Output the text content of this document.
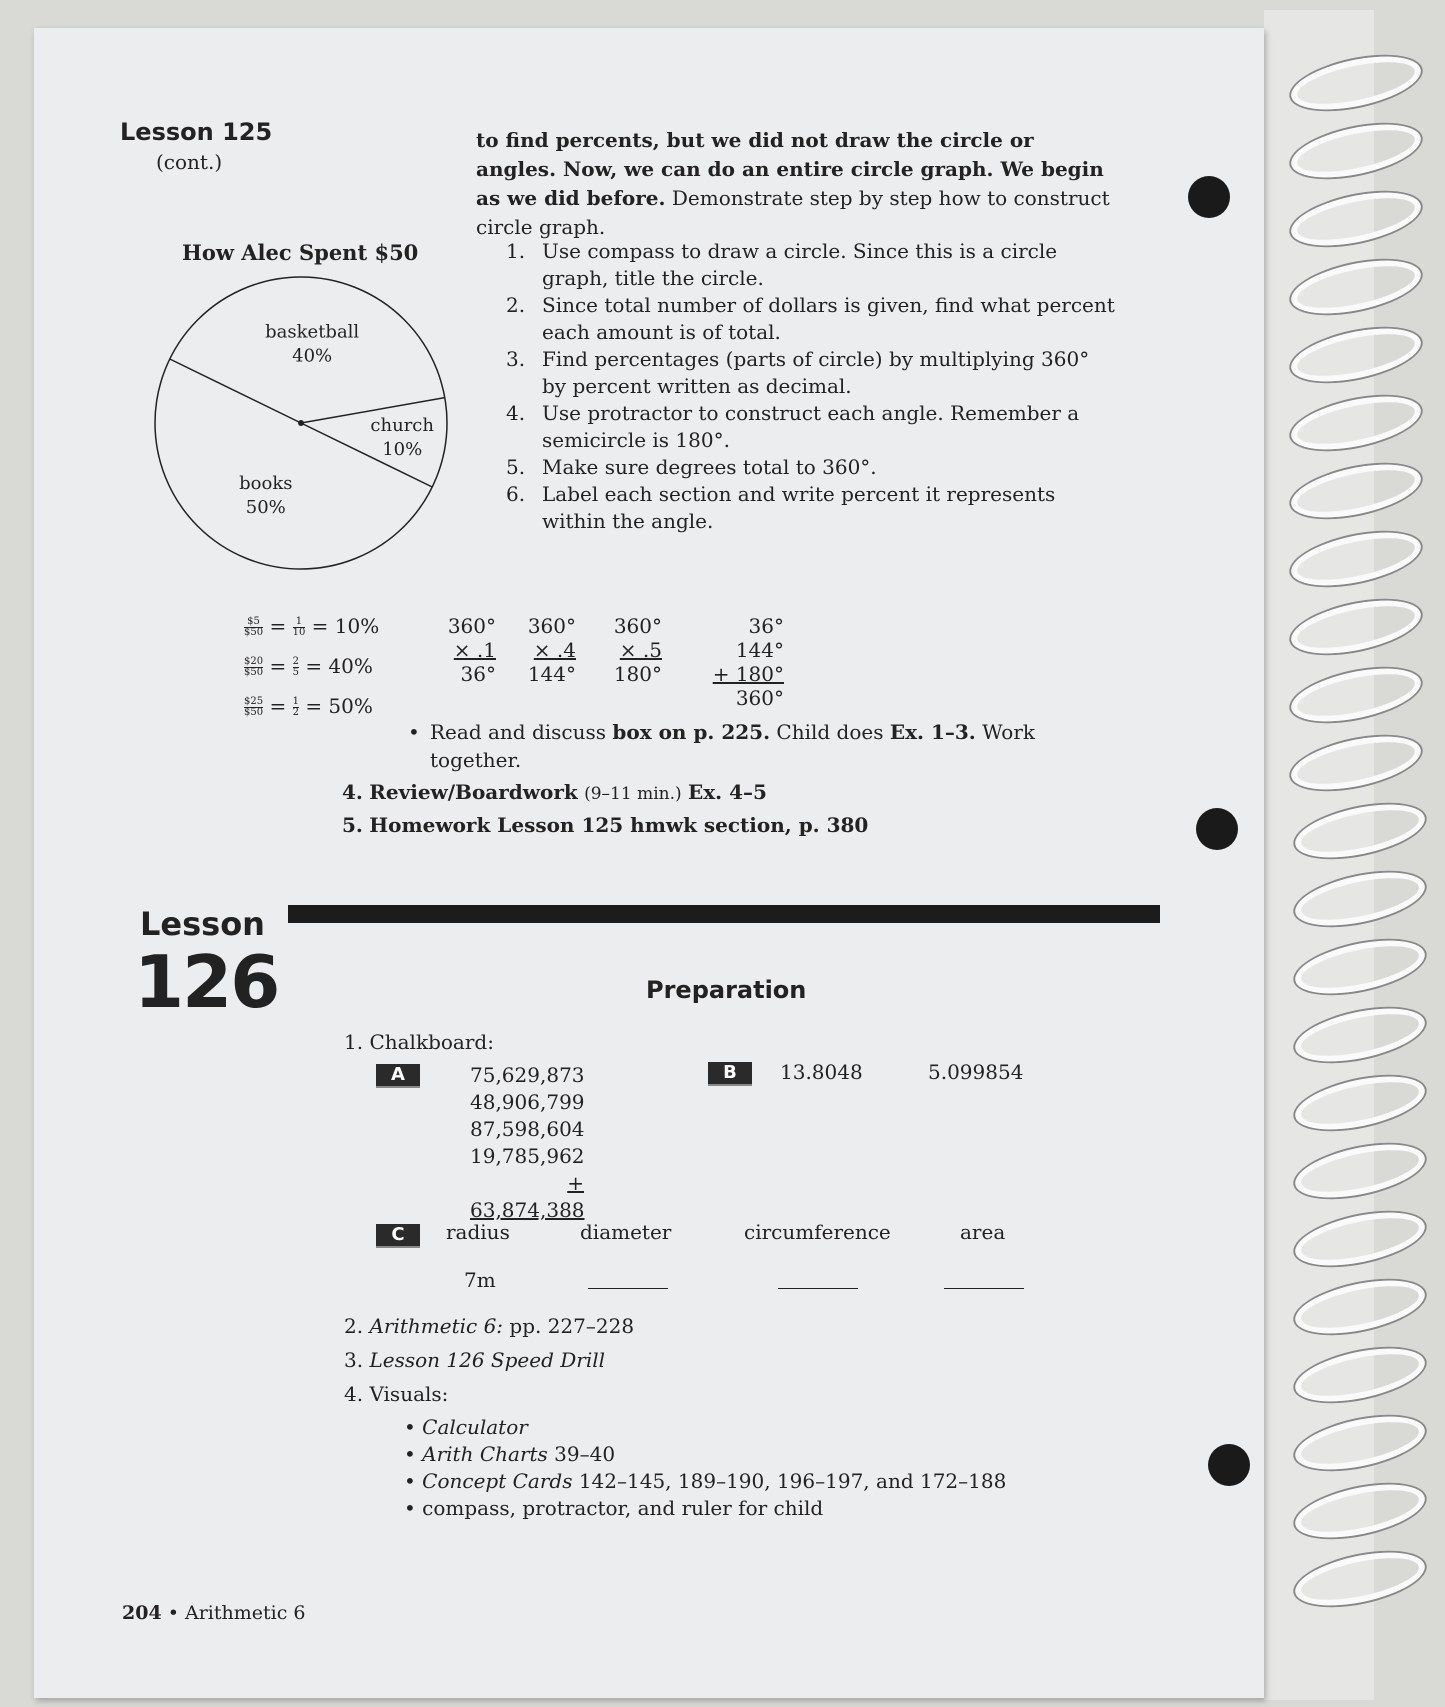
Lesson 125
(cont.)
How Alec Spent $50
basketball
40%
church
10%
books
50%
to find percents, but we did not draw the circle or angles. Now, we can do an entire circle graph. We begin as we did before. Demonstrate step by step how to construct circle graph.
1. Use compass to draw a circle. Since this is a circle graph, title the circle.
2. Since total number of dollars is given, find what percent each amount is of total.
3. Find percentages (parts of circle) by multiplying 360° by percent written as decimal.
4. Use protractor to construct each angle. Remember a semicircle is 180°.
5. Make sure degrees total to 360°.
6. Label each section and write percent it represents within the angle.
$\frac{\$5}{\$50} = \frac{1}{10} = 10\%$
$\frac{\$20}{\$50} = \frac{2}{5} = 40\%$
$\frac{\$25}{\$50} = \frac{1}{2} = 50\%$
360°
× .1
36°
360°
× .4
144°
360°
× .5
180°
36°
144°
+ 180°
360°
• Read and discuss box on p. 225. Child does Ex. 1–3. Work together.
4. Review/Boardwork (9–11 min.) Ex. 4–5
5. Homework Lesson 125 hmwk section, p. 380
Lesson
126	Preparation
1. Chalkboard:
A	75,629,873
48,906,799
87,598,604
19,785,962
+ 63,874,388
B	13.8048	5.099854
C	radius	diameter	circumference	area
7m
2. Arithmetic 6: pp. 227–228
3. Lesson 126 Speed Drill
4. Visuals:
• Calculator
• Arith Charts 39–40
• Concept Cards 142–145, 189–190, 196–197, and 172–188
• compass, protractor, and ruler for child
204 • Arithmetic 6
